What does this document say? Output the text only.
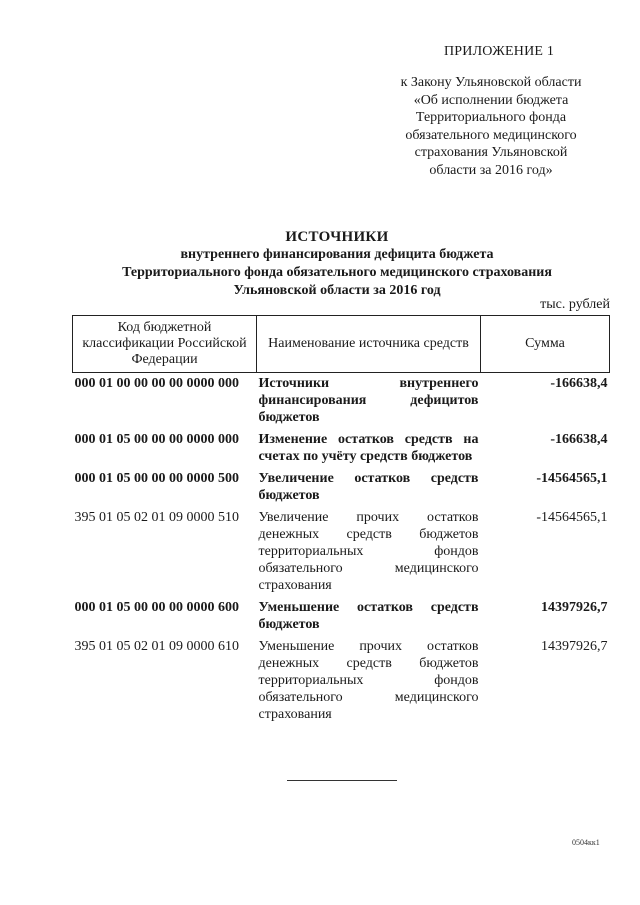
ПРИЛОЖЕНИЕ 1
к Закону Ульяновской области
«Об исполнении бюджета
Территориального фонда
обязательного медицинского
страхования Ульяновской
области за 2016 год»
ИСТОЧНИКИ
внутреннего финансирования дефицита бюджета
Территориального фонда обязательного медицинского страхования
Ульяновской области за 2016 год
тыс. рублей
Код бюджетной классификации Российской Федерации	Наименование источника средств	Сумма
000 01 00 00 00 00 0000 000	Источники внутреннего финансирования дефицитов бюджетов	-166638,4
000 01 05 00 00 00 0000 000	Изменение остатков средств на счетах по учёту средств бюджетов	-166638,4
000 01 05 00 00 00 0000 500	Увеличение остатков средств бюджетов	-14564565,1
395 01 05 02 01 09 0000 510	Увеличение прочих остатков денежных средств бюджетов территориальных фондов обязательного медицинского страхования	-14564565,1
000 01 05 00 00 00 0000 600	Уменьшение остатков средств бюджетов	14397926,7
395 01 05 02 01 09 0000 610	Уменьшение прочих остатков денежных средств бюджетов территориальных фондов обязательного медицинского страхования	14397926,7
0504кк1
